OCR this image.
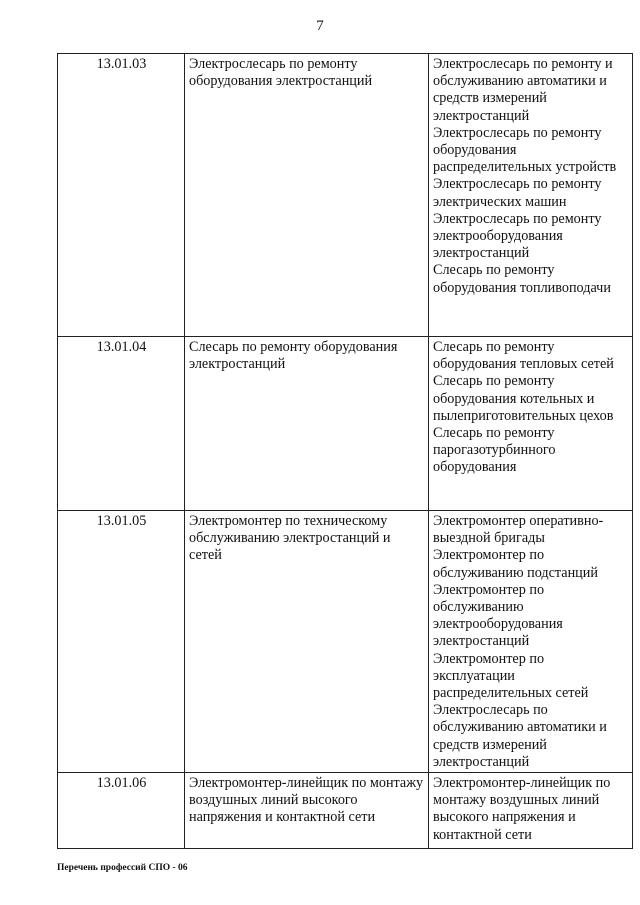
7
13.01.03	Электрослесарь по ремонту оборудования электростанций	Электрослесарь по ремонту и обслуживанию автоматики и средств измерений электростанций
Электрослесарь по ремонту оборудования распределительных устройств
Электрослесарь по ремонту электрических машин
Электрослесарь по ремонту электрооборудования электростанций
Слесарь по ремонту оборудования топливоподачи

13.01.04	Слесарь по ремонту оборудования электростанций	Слесарь по ремонту оборудования тепловых сетей
Слесарь по ремонту оборудования котельных и пылеприготовительных цехов
Слесарь по ремонту парогазотурбинного оборудования

13.01.05	Электромонтер по техническому обслуживанию электростанций и сетей	Электромонтер оперативно-выездной бригады
Электромонтер по обслуживанию подстанций
Электромонтер по обслуживанию электрооборудования электростанций
Электромонтер по эксплуатации распределительных сетей
Электрослесарь по обслуживанию автоматики и средств измерений электростанций

13.01.06	Электромонтер-линейщик по монтажу воздушных линий высокого напряжения и контактной сети	Электромонтер-линейщик по монтажу воздушных линий высокого напряжения и контактной сети
Перечень профессий СПО - 06
